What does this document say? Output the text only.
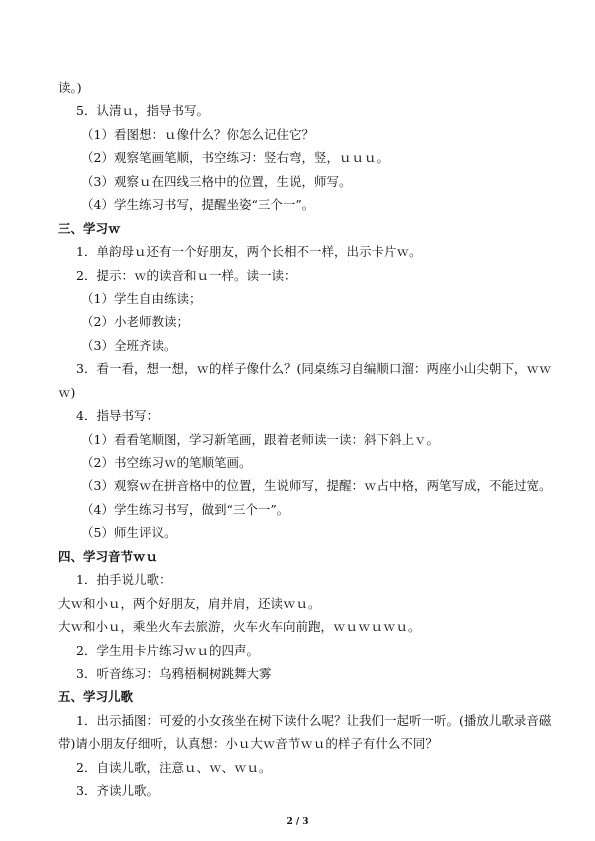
读。)
5．认清ｕ，指导书写。
（1）看图想：ｕ像什么？你怎么记住它？
（2）观察笔画笔顺，书空练习：竖右弯，竖，ｕｕｕ。
（3）观察ｕ在四线三格中的位置，生说，师写。
（4）学生练习书写，提醒坐姿“三个一”。
三、学习ｗ
1．单韵母ｕ还有一个好朋友，两个长相不一样，出示卡片ｗ。
2．提示：ｗ的读音和ｕ一样。读一读：
（1）学生自由练读；
（2）小老师教读；
（3）全班齐读。
3．看一看，想一想，ｗ的样子像什么？(同桌练习自编顺口溜：两座小山尖朝下，ｗｗ
ｗ)
4．指导书写：
（1）看看笔顺图，学习新笔画，跟着老师读一读：斜下斜上ｖ。
（2）书空练习ｗ的笔顺笔画。
（3）观察ｗ在拼音格中的位置，生说师写，提醒：ｗ占中格，两笔写成，不能过宽。
（4）学生练习书写，做到“三个一”。
（5）师生评议。
四、学习音节ｗｕ
1．拍手说儿歌：
大ｗ和小ｕ，两个好朋友，肩并肩，还读ｗｕ。
大ｗ和小ｕ，乘坐火车去旅游，火车火车向前跑，ｗｕｗｕｗｕ。
2．学生用卡片练习ｗｕ的四声。
3．听音练习：乌鸦梧桐树跳舞大雾
五、学习儿歌
1．出示插图：可爱的小女孩坐在树下读什么呢？让我们一起听一听。(播放儿歌录音磁
带)请小朋友仔细听，认真想：小ｕ大ｗ音节ｗｕ的样子有什么不同？
2．自读儿歌，注意ｕ、ｗ、ｗｕ。
3．齐读儿歌。
2 / 3
